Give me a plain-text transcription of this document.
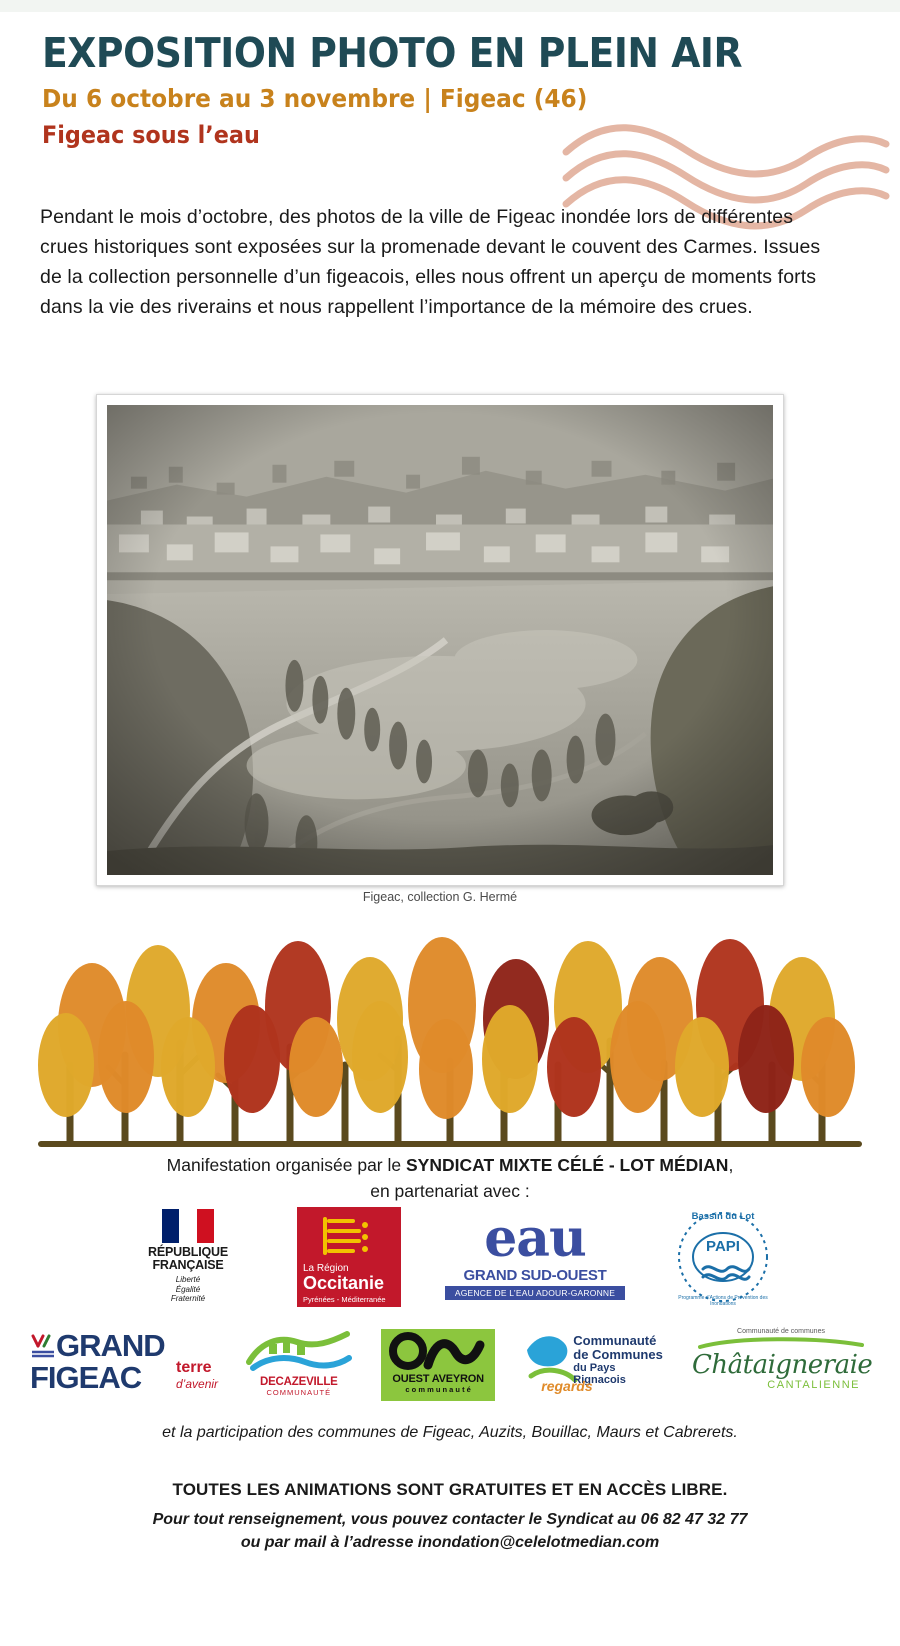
EXPOSITION PHOTO EN PLEIN AIR
Du 6 octobre au 3 novembre | Figeac (46)
Figeac sous l’eau
Pendant le mois d’octobre, des photos de la ville de Figeac inondée lors de différentes crues historiques sont exposées sur la promenade devant le couvent des Carmes. Issues de la collection personnelle d’un figeacois, elles nous offrent un aperçu de moments forts dans la vie des riverains et nous rappellent l’importance de la mémoire des crues.
Figeac, collection G. Hermé
Manifestation organisée par le SYNDICAT MIXTE CÉLÉ - LOT MÉDIAN,
en partenariat avec :
RÉPUBLIQUE
FRANÇAISE
Liberté
Égalité
Fraternité
La Région
Occitanie
Pyrénées - Méditerranée
eau
GRAND SUD-OUEST
AGENCE DE L’EAU ADOUR-GARONNE
PAPI
Bassin du Lot
Programme d’Actions de Prévention des Inondations
GRAND
FIGEAC terre
d’avenir	DECAZEVILLE
COMMUNAUTÉ
OUEST AVEYRON
c o m m u n a u t é
Communauté
de Communes
du Pays Rignacois
regards
Communauté de communes
Châtaigneraie
CANTALIENNE
et la participation des communes de Figeac, Auzits, Bouillac, Maurs et Cabrerets.
TOUTES LES ANIMATIONS SONT GRATUITES ET EN ACCÈS LIBRE.
Pour tout renseignement, vous pouvez contacter le Syndicat au 06 82 47 32 77
ou par mail à l’adresse inondation@celelotmedian.com
